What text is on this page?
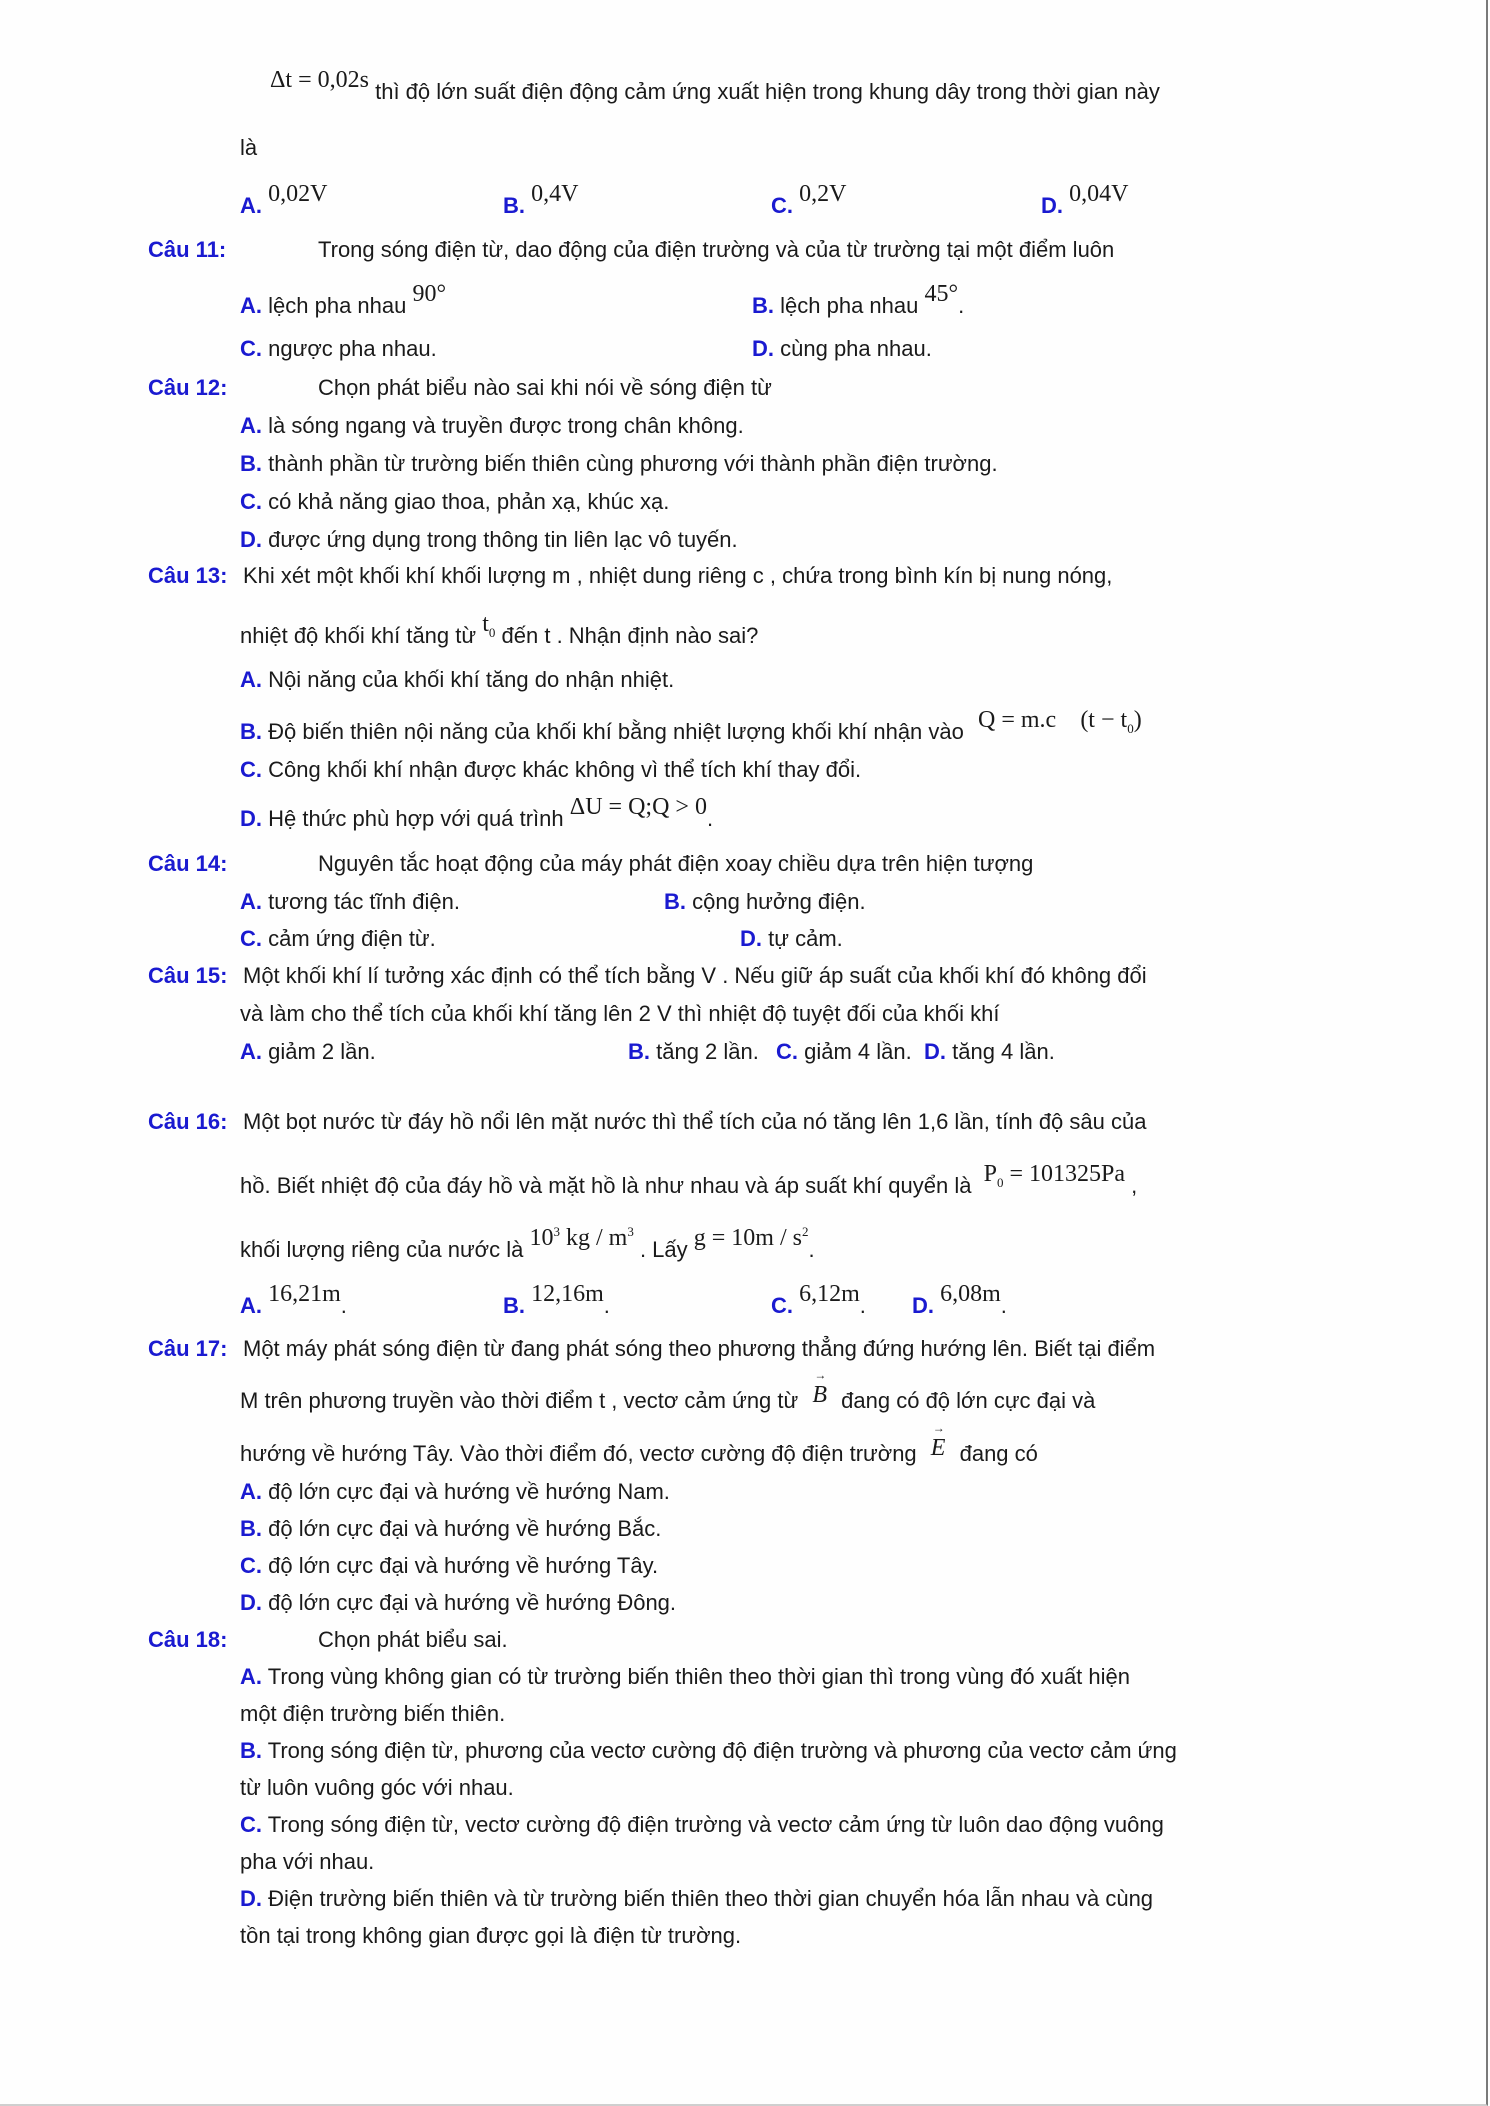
Δt = 0,02s thì độ lớn suất điện động cảm ứng xuất hiện trong khung dây trong thời gian này
là
A. 0,02V	B. 0,4V	C. 0,2V	D. 0,04V
Câu 11:	Trong sóng điện từ, dao động của điện trường và của từ trường tại một điểm luôn
A. lệch pha nhau 90°	B. lệch pha nhau 45°.
C. ngược pha nhau.	D. cùng pha nhau.
Câu 12:	Chọn phát biểu nào sai khi nói về sóng điện từ
A. là sóng ngang và truyền được trong chân không.
B. thành phần từ trường biến thiên cùng phương với thành phần điện trường.
C. có khả năng giao thoa, phản xạ, khúc xạ.
D. được ứng dụng trong thông tin liên lạc vô tuyến.
Câu 13: Khi xét một khối khí khối lượng m , nhiệt dung riêng c , chứa trong bình kín bị nung nóng,
nhiệt độ khối khí tăng từ $t_0$ đến t . Nhận định nào sai?
A. Nội năng của khối khí tăng do nhận nhiệt.
B. Độ biến thiên nội năng của khối khí bằng nhiệt lượng khối khí nhận vào Q = m.c $(t - t_0)$
C. Công khối khí nhận được khác không vì thể tích khí thay đổi.
D. Hệ thức phù hợp với quá trình ΔU = Q;Q > 0.
Câu 14:	Nguyên tắc hoạt động của máy phát điện xoay chiều dựa trên hiện tượng
A. tương tác tĩnh điện.	B. cộng hưởng điện.
C. cảm ứng điện từ.	D. tự cảm.
Câu 15: Một khối khí lí tưởng xác định có thể tích bằng V . Nếu giữ áp suất của khối khí đó không đổi
và làm cho thể tích của khối khí tăng lên 2 V thì nhiệt độ tuyệt đối của khối khí
A. giảm 2 lần.	B. tăng 2 lần. C. giảm 4 lần. D. tăng 4 lần.
Câu 16: Một bọt nước từ đáy hồ nổi lên mặt nước thì thể tích của nó tăng lên 1,6 lần, tính độ sâu của
hồ. Biết nhiệt độ của đáy hồ và mặt hồ là như nhau và áp suất khí quyển là $P_0 = 101325Pa$ ,
khối lượng riêng của nước là $10^3$ kg / $m^3$ . Lấy $g = 10m / s^2$.
A. 16,21m.	B. 12,16m.	C. 6,12m. D. 6,08m.
Câu 17: Một máy phát sóng điện từ đang phát sóng theo phương thẳng đứng hướng lên. Biết tại điểm
M trên phương truyền vào thời điểm t , vectơ cảm ứng từ → B đang có độ lớn cực đại và
hướng về hướng Tây. Vào thời điểm đó, vectơ cường độ điện trường → E đang có
A. độ lớn cực đại và hướng về hướng Nam.
B. độ lớn cực đại và hướng về hướng Bắc.
C. độ lớn cực đại và hướng về hướng Tây.
D. độ lớn cực đại và hướng về hướng Đông.
Câu 18:	Chọn phát biểu sai.
A. Trong vùng không gian có từ trường biến thiên theo thời gian thì trong vùng đó xuất hiện
một điện trường biến thiên.
B. Trong sóng điện từ, phương của vectơ cường độ điện trường và phương của vectơ cảm ứng
từ luôn vuông góc với nhau.
C. Trong sóng điện từ, vectơ cường độ điện trường và vectơ cảm ứng từ luôn dao động vuông
pha với nhau.
D. Điện trường biến thiên và từ trường biến thiên theo thời gian chuyển hóa lẫn nhau và cùng
tồn tại trong không gian được gọi là điện từ trường.
